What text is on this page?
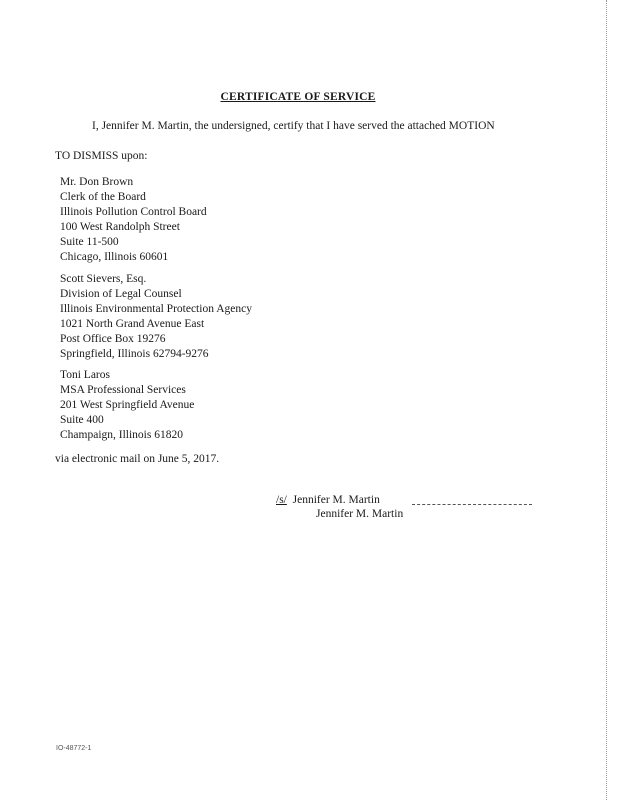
CERTIFICATE OF SERVICE
I, Jennifer M. Martin, the undersigned, certify that I have served the attached MOTION
TO DISMISS upon:
Mr. Don Brown
Clerk of the Board
Illinois Pollution Control Board
100 West Randolph Street
Suite 11-500
Chicago, Illinois 60601
Scott Sievers, Esq.
Division of Legal Counsel
Illinois Environmental Protection Agency
1021 North Grand Avenue East
Post Office Box 19276
Springfield, Illinois 62794-9276
Toni Laros
MSA Professional Services
201 West Springfield Avenue
Suite 400
Champaign, Illinois 61820
via electronic mail on June 5, 2017.
/s/ Jennifer M. Martin
Jennifer M. Martin
IO-48772-1
